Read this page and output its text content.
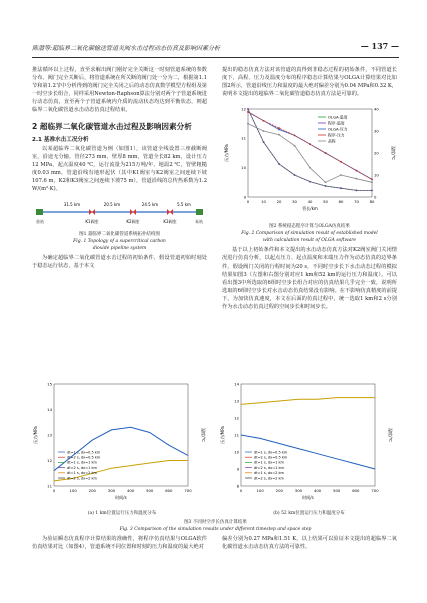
陈潜等:超临界二氧化碳输送管道关阀水击过程动态仿真及影响因素分析	— 137 —

推法循环以上过程，直至求解出阀门刚好完全关断这一时刻管道系统的参数分布，阀门完全关断后，将管道系统在所关断的阀门处一分为二，根据第1.1节和第1.2节中分析得到的阀门完全关闭之后的动态仿真数学模型方程组及第一时空步长组合，同样采用Newton-Raphson算法分别对两个子管道系统进行动态仿真，直至两个子管道系统内介质的流动状态均达到平衡状态，则超临界二氧化碳管道水击动态仿真过程结束。

2 超临界二氧化碳管道水击过程及影响因素分析
2.1 基准水击工况分析

以某超临界二氧化碳管道为例（如图1），该管道全线设置三座截断阀室，沿途无分输，管径273 mm，壁厚8 mm，管道全长82 km，设计压力12 MPa，起点温度40 ℃，运行流量为215万吨/年，地温2 ℃，管壁粗糙度0.03 mm，管道沿线有地形起伏（其中K1阀室与K2阀室之间连续下坡107.6 m，K2和K3阀室之间连续下坡75 m），管道沿线的总传热系数为1.2 W/(m²·K)。

31.5 km	20.5 km	24.5 km	5.5 km
首站	K1阀室	K2阀室	K3阀室	末站
图1 超临界二氧化碳管道系统拓扑结构图
Fig. 1 Topology of a supercritical carbon
dioxide pipeline system

为确定超临界二氧化碳管道水击过程的初始条件，假设管道初始时刻处于稳态运行状态，基于本文

提出的稳态仿真方法对该管道的真得到非稳态过程的初始条件，不同管道长度下，高程、压力及温度分布的程序稳态计算结果与OLGA计算结果对比如图2所示，管道沿线压力和温度的最大绝对偏差分别为0.04 MPa和0.32 K，说明本文提出的超临界二氧化碳管道稳态仿真方法是可靠的。

0	10	20	30	40	50	60	70	80
9
10
11
12
0
10
20
30
40
管长/km
压力/MPa	温度/℃
OLGA-温度
程序-温度
OLGA-压力
程序-压力
高程
图2 系统稳态程序计算与OLGA仿真结果
Fig. 2 Comparison of simulation result of established model
with calculation result of OLGA software

基于以上初始条件和本文提出的水击动态仿真方法对K2阀室阀门关闭情况进行仿真分析，以起点压力、起点温度和末端压力作为动态仿真的边界条件，假设阀门关闭的行程时间为20 s，不同时空步长下水击动态过程的模拟结果如图3（左图和右图分别对应1 km和52 km的运行压力和温度）。可以看出图3中所选取的6组时空步长组合对应的仿真结果几乎完全一致，说明所选取的6组时空步长对水击动态仿真结果没有影响。在不影响仿真精度的前提下，为加快仿真速度，本文在后面的仿真过程中，统一选取1 km和2 s分别作为水击动态仿真过程的空间步长和时间步长。

0	100	200	300	400	500	600	700
11
12
13
14
15
时间/s
压力/MPa	温度/℃
dt=1 s, dx=0.5 km
dt=2 s, dx=0.5 km
dt=1 s, dx=1 km
dt=2 s, dx=1 km
dt=1 s, dx=2 km
dt=2 s, dx=2 km
(a) 1 km位置运行压力和温度分布
0	100	200	300	400	500	600	700
8
9
10
11
12
13
14
时间/s
压力/MPa	温度/℃
dt=1 s, dx=0.5 km
dt=2 s, dx=0.5 km
dt=1 s, dx=1 km
dt=2 s, dx=1 km
dt=1 s, dx=2 km
dt=2 s, dx=2 km
(b) 52 km位置运行压力和温度分布
图3 不同时空步长仿真计算结果
Fig. 3 Comparison of the simulation results under different timestep and space step

为验证瞬态仿真程序计算结果的准确性，将程序仿真结果与OLGA软件仿真结果对比（如图4），管道系统不同位置和时刻的压力和温度的最大绝对

偏差分别为0.27 MPa和1.51 K，以上结果可以验证本文提出的超临界二氧化碳管道水击动态仿真方法的可靠性。
